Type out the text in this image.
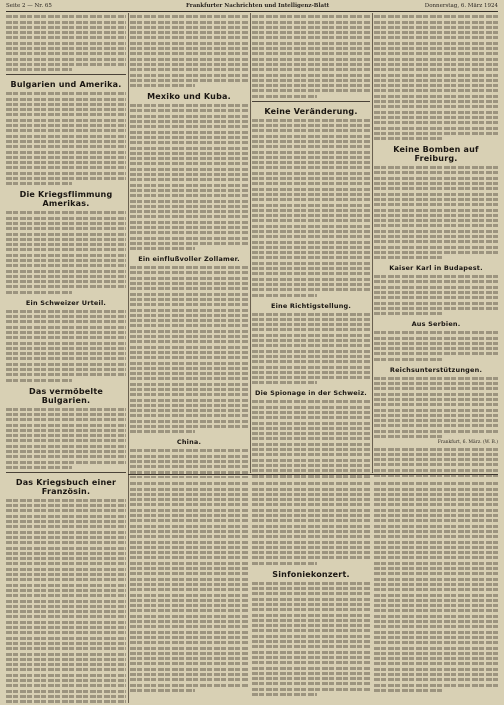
Seite 2 — Nr. 65	Frankfurter Nachrichten und Intelligenz-Blatt	Donnerstag, 6. März 1924
Bulgarien und Amerika.
Die Kriegsflimmung Amerikas.
Ein Schweizer Urteil.
Das vermöbelte Bulgarien.
Das Kriegsbuch einer Französin.
Mexiko und Kuba.
Ein einflußvoller Zollamer.
China.
Keine Veränderung.
Eine Richtigstellung.
Die Spionage in der Schweiz.
Keine Bomben auf Freiburg.
Kaiser Karl in Budapest.
Aus Serbien.
Reichsunterstützungen.
Frankfurt, 6. März. (W. B.)
Sinfoniekonzert.
